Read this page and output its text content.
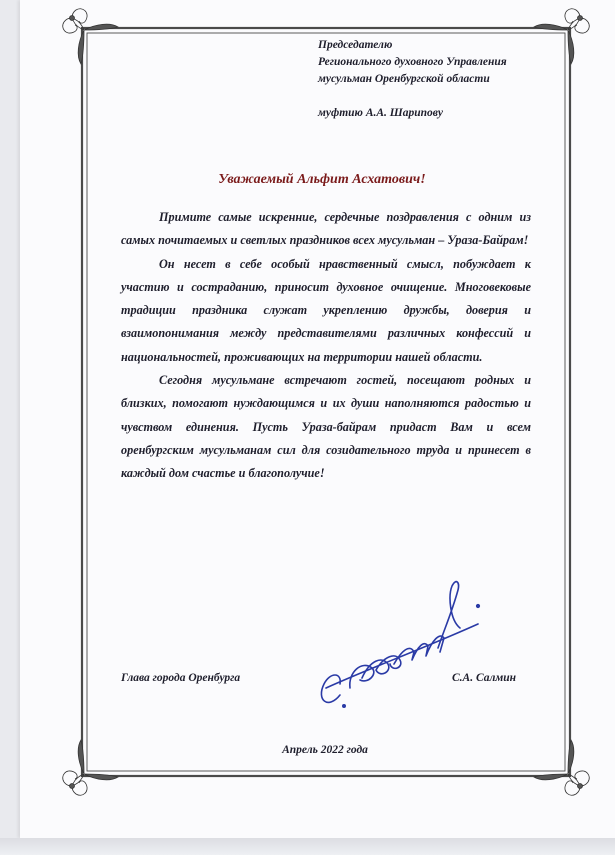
Председателю
Регионального духовного Управления
мусульман Оренбургской области
муфтию А.А. Шарипову
Уважаемый Альфит Асхатович!

Примите самые искренние, сердечные поздравления с одним из самых почитаемых и светлых праздников всех мусульман – Ураза-Байрам!

Он несет в себе особый нравственный смысл, побуждает к участию и состраданию, приносит духовное очищение. Многовековые традиции праздника служат укреплению дружбы, доверия и взаимопонимания между представителями различных конфессий и национальностей, проживающих на территории нашей области.

Сегодня мусульмане встречают гостей, посещают родных и близких, помогают нуждающимся и их души наполняются радостью и чувством единения. Пусть Ураза-байрам придаст Вам и всем оренбургским мусульманам сил для созидательного труда и принесет в каждый дом счастье и благополучие!

Глава города Оренбурга	С.А. Салмин
Апрель 2022 года
